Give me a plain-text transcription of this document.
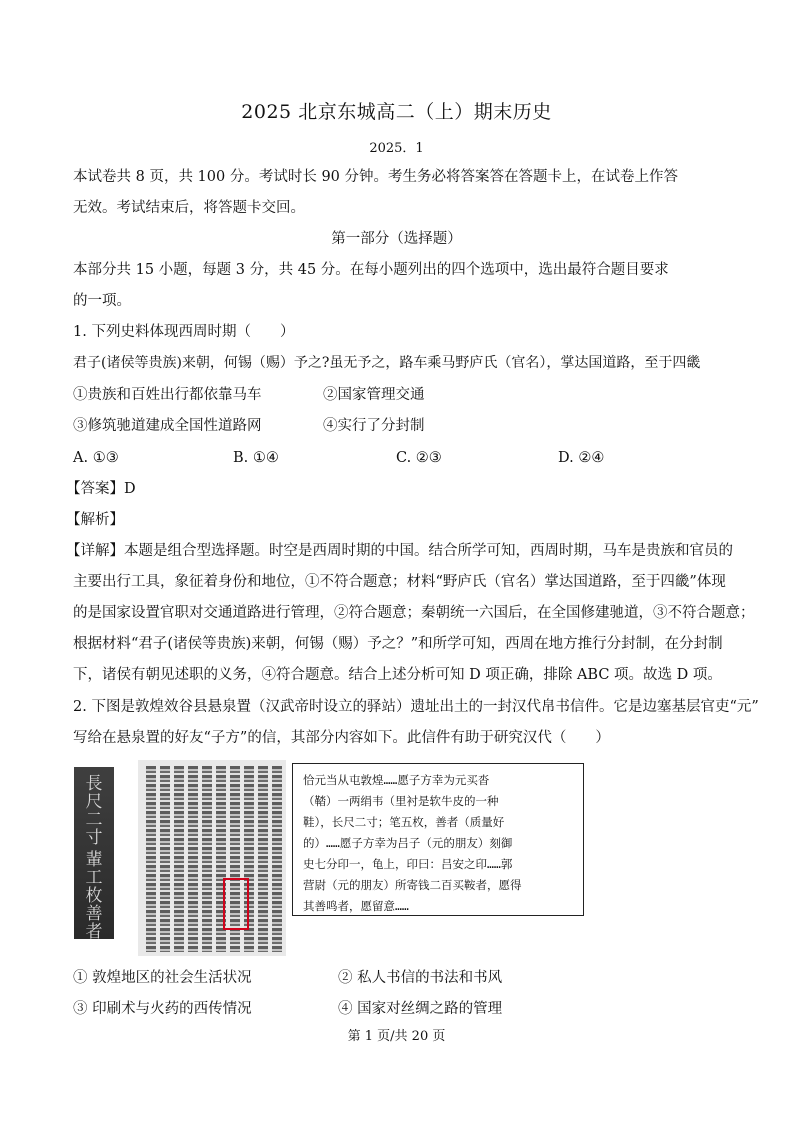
2025 北京东城高二（上）期末历史
2025．1
本试卷共 8 页，共 100 分。考试时长 90 分钟。考生务必将答案答在答题卡上，在试卷上作答
无效。考试结束后，将答题卡交回。
第一部分（选择题）
本部分共 15 小题，每题 3 分，共 45 分。在每小题列出的四个选项中，选出最符合题目要求
的一项。
1. 下列史料体现西周时期（　　）
君子(诸侯等贵族)来朝，何锡（赐）予之?虽无予之，路车乘马野庐氏（官名），掌达国道路，至于四畿
①贵族和百姓出行都依靠马车	②国家管理交通
③修筑驰道建成全国性道路网	④实行了分封制
A. ①③	B. ①④	C. ②③	D. ②④
【答案】D
【解析】
【详解】本题是组合型选择题。时空是西周时期的中国。结合所学可知，西周时期，马车是贵族和官员的
主要出行工具，象征着身份和地位，①不符合题意；材料“野庐氏（官名）掌达国道路，至于四畿”体现
的是国家设置官职对交通道路进行管理，②符合题意；秦朝统一六国后，在全国修建驰道，③不符合题意；
根据材料“君子(诸侯等贵族)来朝，何锡（赐）予之？”和所学可知，西周在地方推行分封制，在分封制
下，诸侯有朝见述职的义务，④符合题意。结合上述分析可知 D 项正确，排除 ABC 项。故选 D 项。
2. 下图是敦煌效谷县悬泉置（汉武帝时设立的驿站）遗址出土的一封汉代帛书信件。它是边塞基层官吏“元”
写给在悬泉置的好友“子方”的信，其部分内容如下。此信件有助于研究汉代（　　）
長
尺
二
寸
輩
工
枚
善
者
恰元当从屯敦煌……愿子方幸为元买沓
（鞜）一两绢韦（里衬是软牛皮的一种
鞋），长尺二寸；笔五枚，善者（质量好
的）……愿子方幸为吕子（元的朋友）刻御
史七分印一，龟上，印曰：吕安之印……郭
营尉（元的朋友）所寄钱二百买鞍者，愿得
其善鸣者，愿留意……
① 敦煌地区的社会生活状况	② 私人书信的书法和书风
③ 印刷术与火药的西传情况	④ 国家对丝绸之路的管理
第 1 页/共 20 页
